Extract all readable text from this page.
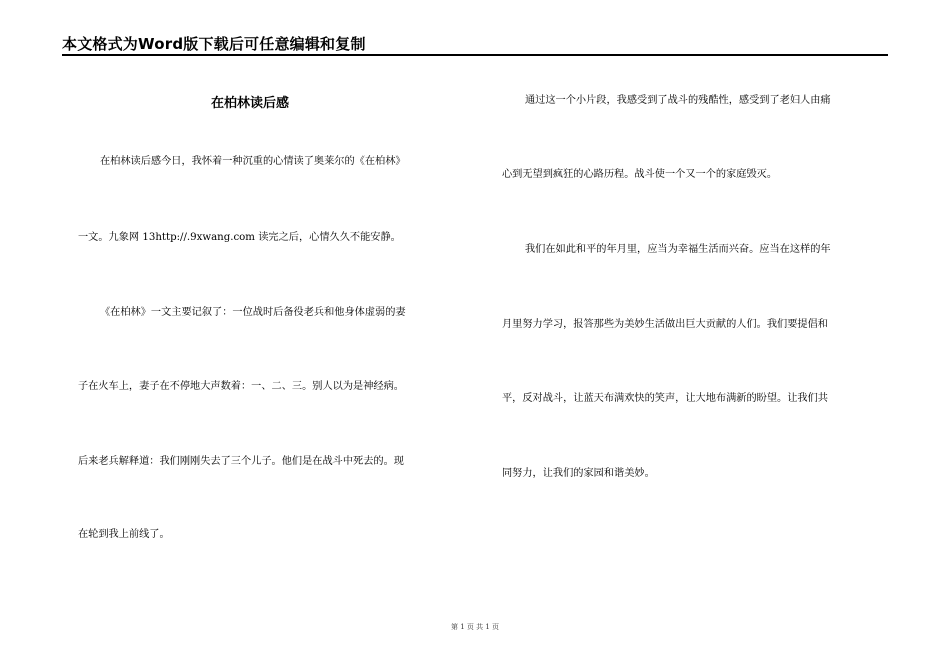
本文格式为Word版下载后可任意编辑和复制
在柏林读后感
在柏林读后感今日，我怀着一种沉重的心情读了奥莱尔的《在柏林》
一文。九象网 13http://.9xwang.com 读完之后，心情久久不能安静。
《在柏林》一文主要记叙了：一位战时后备役老兵和他身体虚弱的妻
子在火车上，妻子在不停地大声数着：一、二、三。别人以为是神经病。
后来老兵解释道：我们刚刚失去了三个儿子。他们是在战斗中死去的。现
在轮到我上前线了。
通过这一个小片段，我感受到了战斗的残酷性，感受到了老妇人由痛
心到无望到疯狂的心路历程。战斗使一个又一个的家庭毁灭。
我们在如此和平的年月里，应当为幸福生活而兴奋。应当在这样的年
月里努力学习，报答那些为美妙生活做出巨大贡献的人们。我们要提倡和
平，反对战斗，让蓝天布满欢快的笑声，让大地布满新的盼望。让我们共
同努力，让我们的家园和谐美妙。
第 1 页 共 1 页
